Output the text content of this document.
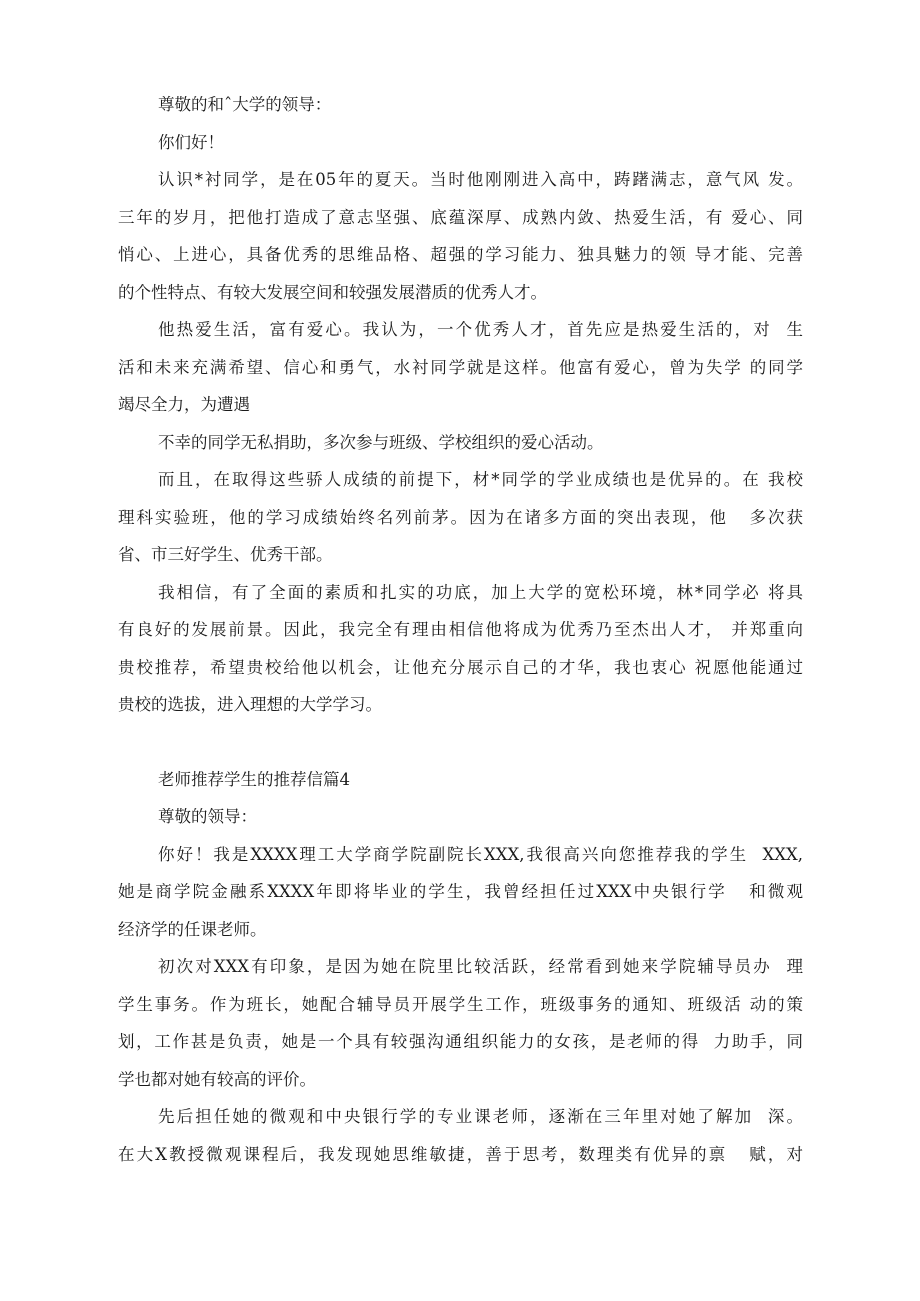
尊敬的和ˆ大学的领导：
你们好！
认识*衬同学，是在05年的夏天。当时他刚刚进入高中，踌躇满志，意气风 发。
三年的岁月，把他打造成了意志坚强、底蕴深厚、成熟内敛、热爱生活，有 爱心、同
悄心、上进心，具备优秀的思维品格、超强的学习能力、独具魅力的领 导才能、完善
的个性特点、有较大发展空间和较强发展潜质的优秀人才。
他热爱生活，富有爱心。我认为，一个优秀人才，首先应是热爱生活的，对  生
活和未来充满希望、信心和勇气，水衬同学就是这样。他富有爱心，曾为失学 的同学
竭尽全力，为遭遇
不幸的同学无私捐助，多次参与班级、学校组织的爱心活动。
而且，在取得这些骄人成绩的前提下，材*同学的学业成绩也是优异的。在 我校
理科实验班，他的学习成绩始终名列前茅。因为在诸多方面的突出表现，他   多次获
省、市三好学生、优秀干部。
我相信，有了全面的素质和扎实的功底，加上大学的宽松环境，林*同学必 将具
有良好的发展前景。因此，我完全有理由相信他将成为优秀乃至杰出人才， 并郑重向
贵校推荐，希望贵校给他以机会，让他充分展示自己的才华，我也衷心 祝愿他能通过
贵校的选拔，进入理想的大学学习。
老师推荐学生的推荐信篇4
尊敬的领导：
你好！我是XXXX理工大学商学院副院长XXX,我很高兴向您推荐我的学生  XXX,
她是商学院金融系XXXX年即将毕业的学生，我曾经担任过XXX中央银行学   和微观
经济学的任课老师。
初次对XXX有印象，是因为她在院里比较活跃，经常看到她来学院辅导员办  理
学生事务。作为班长，她配合辅导员开展学生工作，班级事务的通知、班级活 动的策
划，工作甚是负责，她是一个具有较强沟通组织能力的女孩，是老师的得  力助手，同
学也都对她有较高的评价。
先后担任她的微观和中央银行学的专业课老师，逐渐在三年里对她了解加  深。
在大X教授微观课程后，我发现她思维敏捷，善于思考，数理类有优异的禀   赋，对
